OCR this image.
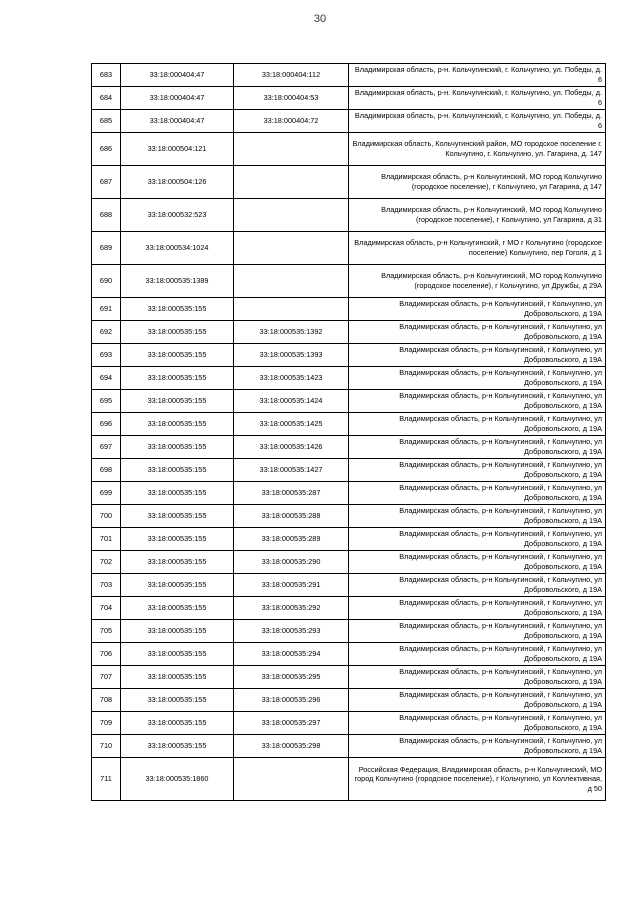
30
683	33:18:000404:47	33:18:000404:112	Владимирская область, р-н. Кольчугинский, г. Кольчугино, ул. Победы, д. 6
684	33:18:000404:47	33:18:000404:53	Владимирская область, р-н. Кольчугинский, г. Кольчугино, ул. Победы, д. 6
685	33:18:000404:47	33:18:000404:72	Владимирская область, р-н. Кольчугинский, г. Кольчугино, ул. Победы, д. 6
686	33:18:000504:121		Владимирская область, Кольчугинский район, МО городское поселение г. Кольчугино, г. Кольчугино, ул. Гагарина, д. 147
687	33:18:000504:126		Владимирская область, р-н Кольчугинский, МО город Кольчугино (городское поселение), г Кольчугино, ул Гагарина, д 147
688	33:18:000532:523		Владимирская область, р-н Кольчугинский, МО город Кольчугино (городское поселение), г Кольчугино, ул Гагарина, д 31
689	33:18:000534:1024		Владимирская область, р-н Кольчугинский, г МО г Кольчугино (городское поселение) Кольчугино, пер Гоголя, д 1
690	33:18:000535:1389		Владимирская область, р-н Кольчугинский, МО город Кольчугино (городское поселение), г Кольчугино, ул Дружбы, д 29А
691	33:18:000535:155		Владимирская область, р-н Кольчугинский, г Кольчугино, ул Добровольского, д 19А
692	33:18:000535:155	33:18:000535:1392	Владимирская область, р-н Кольчугинский, г Кольчугино, ул Добровольского, д 19А
693	33:18:000535:155	33:18:000535:1393	Владимирская область, р-н Кольчугинский, г Кольчугино, ул Добровольского, д 19А
694	33:18:000535:155	33:18:000535:1423	Владимирская область, р-н Кольчугинский, г Кольчугино, ул Добровольского, д 19А
695	33:18:000535:155	33:18:000535:1424	Владимирская область, р-н Кольчугинский, г Кольчугино, ул Добровольского, д 19А
696	33:18:000535:155	33:18:000535:1425	Владимирская область, р-н Кольчугинский, г Кольчугино, ул Добровольского, д 19А
697	33:18:000535:155	33:18:000535:1426	Владимирская область, р-н Кольчугинский, г Кольчугино, ул Добровольского, д 19А
698	33:18:000535:155	33:18:000535:1427	Владимирская область, р-н Кольчугинский, г Кольчугино, ул Добровольского, д 19А
699	33:18:000535:155	33:18:000535:287	Владимирская область, р-н Кольчугинский, г Кольчугино, ул Добровольского, д 19А
700	33:18:000535:155	33:18:000535:288	Владимирская область, р-н Кольчугинский, г Кольчугино, ул Добровольского, д 19А
701	33:18:000535:155	33:18:000535:289	Владимирская область, р-н Кольчугинский, г Кольчугино, ул Добровольского, д 19А
702	33:18:000535:155	33:18:000535:290	Владимирская область, р-н Кольчугинский, г Кольчугино, ул Добровольского, д 19А
703	33:18:000535:155	33:18:000535:291	Владимирская область, р-н Кольчугинский, г Кольчугино, ул Добровольского, д 19А
704	33:18:000535:155	33:18:000535:292	Владимирская область, р-н Кольчугинский, г Кольчугино, ул Добровольского, д 19А
705	33:18:000535:155	33:18:000535:293	Владимирская область, р-н Кольчугинский, г Кольчугино, ул Добровольского, д 19А
706	33:18:000535:155	33:18:000535:294	Владимирская область, р-н Кольчугинский, г Кольчугино, ул Добровольского, д 19А
707	33:18:000535:155	33:18:000535:295	Владимирская область, р-н Кольчугинский, г Кольчугино, ул Добровольского, д 19А
708	33:18:000535:155	33:18:000535:296	Владимирская область, р-н Кольчугинский, г Кольчугино, ул Добровольского, д 19А
709	33:18:000535:155	33:18:000535:297	Владимирская область, р-н Кольчугинский, г Кольчугино, ул Добровольского, д 19А
710	33:18:000535:155	33:18:000535:298	Владимирская область, р-н Кольчугинский, г Кольчугино, ул Добровольского, д 19А
711	33:18:000535:1860		Российская Федерация, Владимирская область, р-н Кольчугинский, МО город Кольчугино (городское поселение), г Кольчугино, ул Коллективная, д 50
